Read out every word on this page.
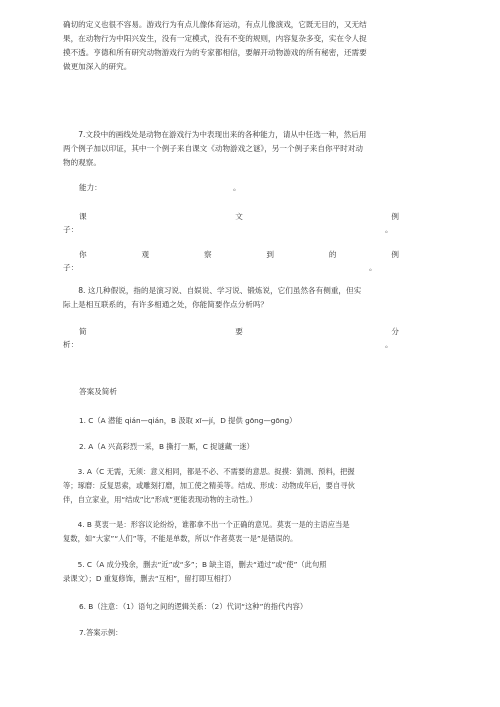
确切的定义也很不容易。游戏行为有点儿像体育运动，有点儿像演戏，它既无目的，又无结

果，在动物行为中阳兴发生，没有一定模式，没有不变的规则，内容复杂多变，实在令人捉

摸不透。亨德和所有研究动物游戏行为的专家都相信，要解开动物游戏的所有秘密，还需要

做更加深入的研究。

7.文段中的画线处是动物在游戏行为中表现出来的各种能力，请从中任选一种，然后用

两个例子加以印证，其中一个例子来自课文《动物游戏之谜》，另一个例子来自你平时对动

物的观察。

能力：	。
课	文	例
子：	。
你	观	察	到	的	例
子：	。

8. 这几种假说，指的是演习说、自娱说、学习说、锻炼说，它们虽然各有侧重，但实

际上是相互联系的，有许多相通之处，你能简要作点分析吗？

简	要	分
析：	。
答案及简析

1. C（A 潜能 qián—qián，B 汲取 xī—jí，D 提供 gōng—gōng）

2. A（A 兴高彩烈一采，B 撕打一厮，C 捉谜藏一迷）

3. A（C 无需，无须：意义相同，都是不必、不需要的意思。捉摸：猜测、预料，把握

等；琢磨：反复思索，或雕刻打磨，加工使之精美等。结成、形成：动物成年后，要自寻伙

伴，自立家业，用“结成”比“形成”更能表现动物的主动性。）

4. B 莫衷一是：形容议论纷纷，谁都拿不出一个正确的意见。莫衷一是的主语应当是

复数，如“大家”“人们”等，不能是单数，所以“作者莫衷一是”是错误的。

5. C（A 成分残余，删去“近”或“多”；B 缺主语，删去“通过”或“使”（此句照

录课文）；D 重复修饰，删去“互相”，留打即互相打）

6. B（注意：（1）语句之间的逻辑关系：（2）代词“这种”的指代内容）

7.答案示例：
